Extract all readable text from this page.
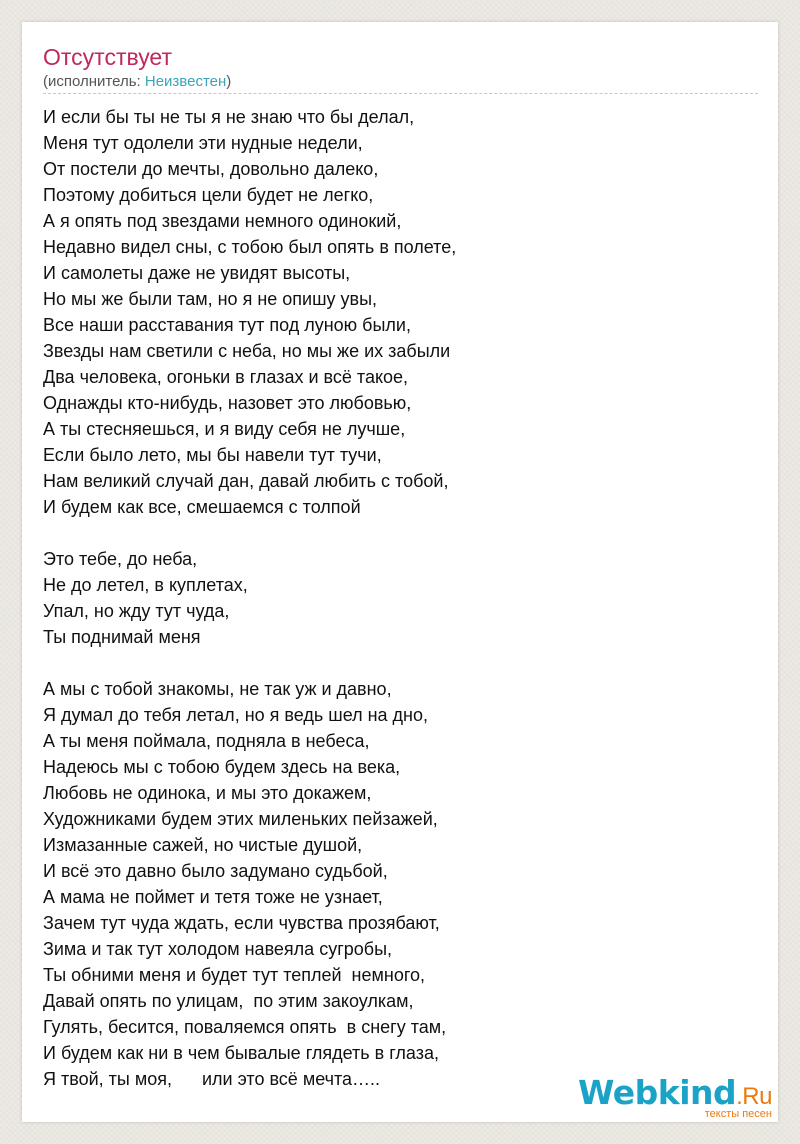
Отсутствует
(исполнитель: Неизвестен)
И если бы ты не ты я не знаю что бы делал,
Меня тут одолели эти нудные недели,
От постели до мечты, довольно далеко,
Поэтому добиться цели будет не легко,
А я опять под звездами немного одинокий,
Недавно видел сны, с тобою был опять в полете,
И самолеты даже не увидят высоты,
Но мы же были там, но я не опишу увы,
Все наши расставания тут под луною были,
Звезды нам светили с неба, но мы же их забыли
Два человека, огоньки в глазах и всё такое,
Однажды кто-нибудь, назовет это любовью,
А ты стесняешься, и я виду себя не лучше,
Если было лето, мы бы навели тут тучи,
Нам великий случай дан, давай любить с тобой,
И будем как все, смешаемся с толпой
Это тебе, до неба,
Не до летел, в куплетах,
Упал, но жду тут чуда,
Ты поднимай меня
А мы с тобой знакомы, не так уж и давно,
Я думал до тебя летал, но я ведь шел на дно,
А ты меня поймала, подняла в небеса,
Надеюсь мы с тобою будем здесь на века,
Любовь не одинока, и мы это докажем,
Художниками будем этих миленьких пейзажей,
Измазанные сажей, но чистые душой,
И всё это давно было задумано судьбой,
А мама не поймет и тетя тоже не узнает,
Зачем тут чуда ждать, если чувства прозябают,
Зима и так тут холодом навеяла сугробы,
Ты обними меня и будет тут теплей  немного,
Давай опять по улицам,  по этим закоулкам,
Гулять, бесится, поваляемся опять  в снегу там,
И будем как ни в чем бывалые глядеть в глаза,
Я твой, ты моя,      или это всё мечта…..	Webkind.Ru
тексты песен
